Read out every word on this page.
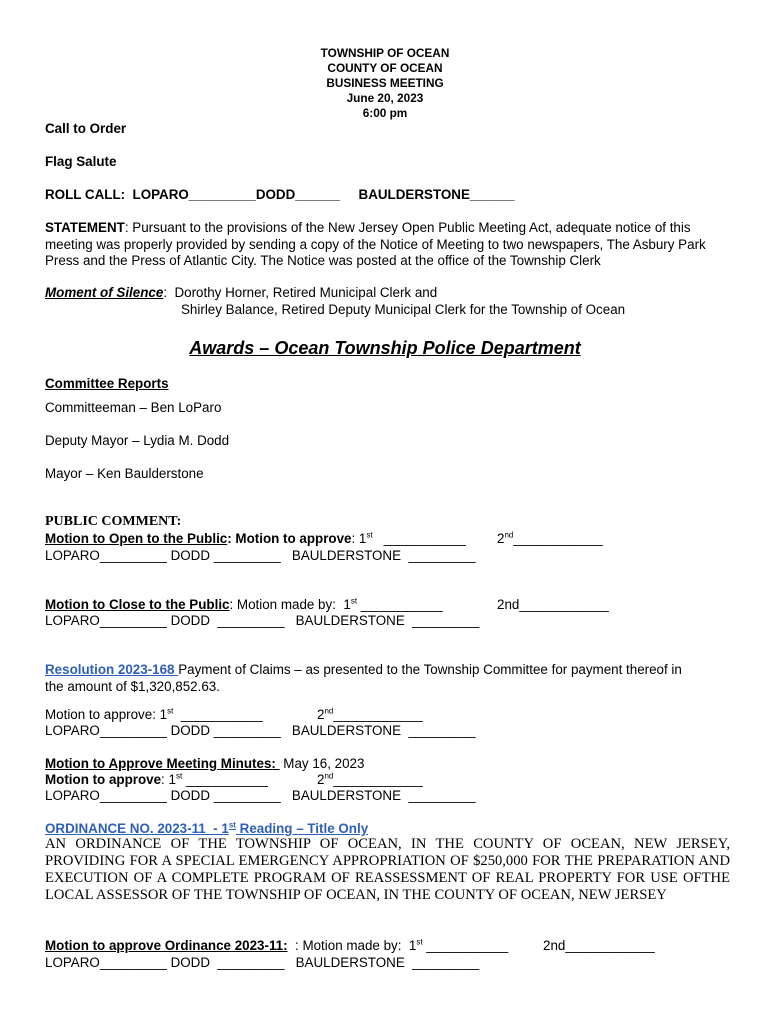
TOWNSHIP OF OCEAN
COUNTY OF OCEAN
BUSINESS MEETING
June 20, 2023
6:00 pm
Call to Order
Flag Salute
ROLL CALL:  LOPARO_________DODD______     BAULDERSTONE______
STATEMENT: Pursuant to the provisions of the New Jersey Open Public Meeting Act, adequate notice of this meeting was properly provided by sending a copy of the Notice of Meeting to two newspapers, The Asbury Park Press and the Press of Atlantic City. The Notice was posted at the office of the Township Clerk
Moment of Silence:  Dorothy Horner, Retired Municipal Clerk and
Shirley Balance, Retired Deputy Municipal Clerk for the Township of Ocean
Awards – Ocean Township Police Department
Committee Reports
Committeeman – Ben LoParo
Deputy Mayor – Lydia M. Dodd
Mayor – Ken Baulderstone
PUBLIC COMMENT:
Motion to Open to the Public: Motion to approve: 1st   ___________ 2nd____________
LOPARO_________ DODD _________   BAULDERSTONE  _________
Motion to Close to the Public: Motion made by:  1st ___________	2nd____________
LOPARO_________ DODD  _________   BAULDERSTONE  _________
Resolution 2023-168 Payment of Claims – as presented to the Township Committee for payment thereof in
the amount of $1,320,852.63.
Motion to approve: 1st  ___________	2nd____________
LOPARO_________ DODD _________   BAULDERSTONE  _________
Motion to Approve Meeting Minutes:  May 16, 2023
Motion to approve: 1st ___________	2nd____________
LOPARO_________ DODD _________   BAULDERSTONE  _________
ORDINANCE NO. 2023-11  - 1st Reading – Title Only
AN ORDINANCE OF THE TOWNSHIP OF OCEAN, IN THE COUNTY OF OCEAN, NEW JERSEY, PROVIDING FOR A SPECIAL EMERGENCY APPROPRIATION OF $250,000 FOR THE PREPARATION AND EXECUTION OF A COMPLETE PROGRAM OF REASSESSMENT OF REAL PROPERTY FOR USE OFTHE LOCAL ASSESSOR OF THE TOWNSHIP OF OCEAN, IN THE COUNTY OF OCEAN, NEW JERSEY
Motion to approve Ordinance 2023-11:  : Motion made by:  1st ___________	2nd____________
LOPARO_________ DODD  _________   BAULDERSTONE  _________
